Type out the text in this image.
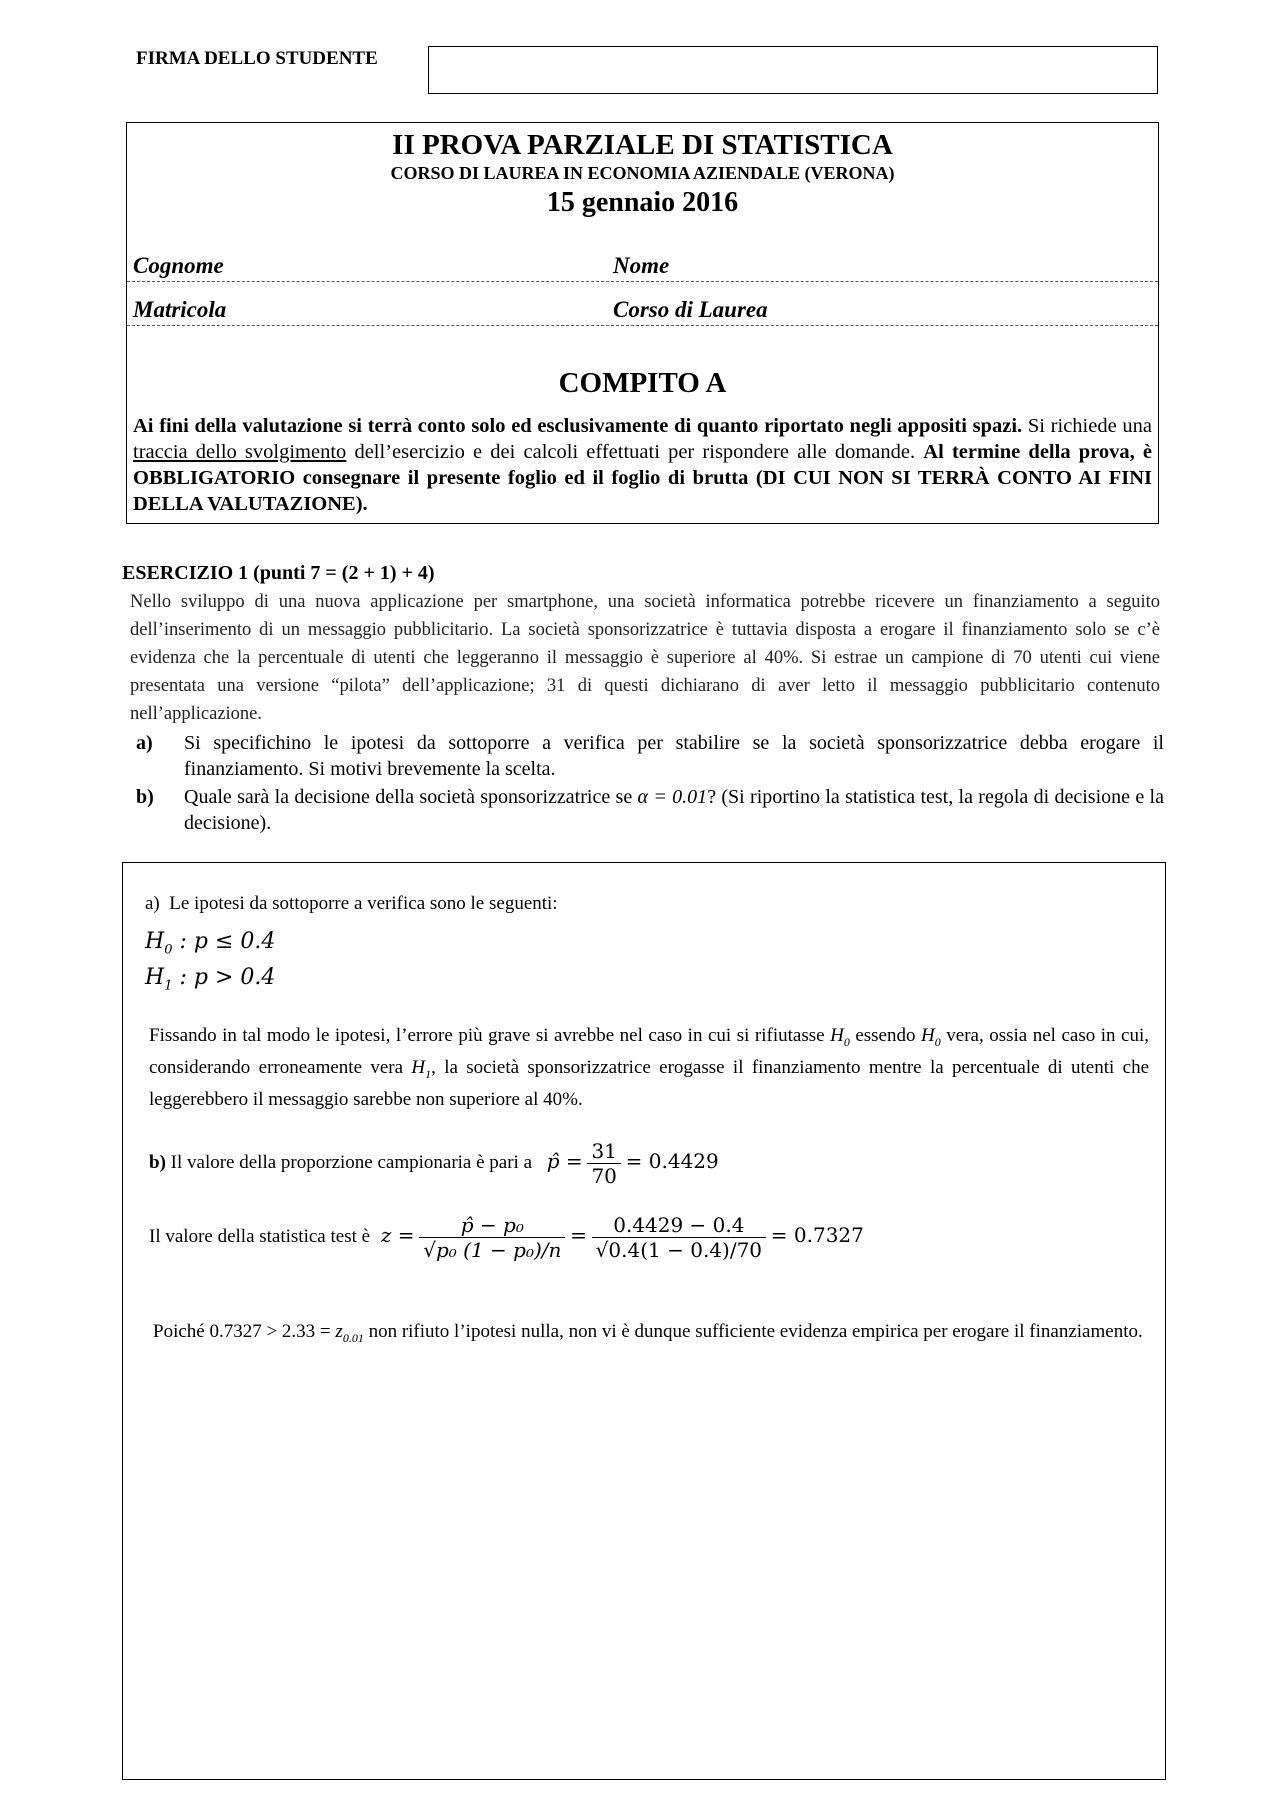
FIRMA DELLO STUDENTE
II PROVA PARZIALE DI STATISTICA
CORSO DI LAUREA IN ECONOMIA AZIENDALE (VERONA)
15 gennaio 2016
Cognome	Nome
Matricola	Corso di Laurea
COMPITO A
Ai fini della valutazione si terrà conto solo ed esclusivamente di quanto riportato negli appositi spazi. Si richiede una traccia dello svolgimento dell’esercizio e dei calcoli effettuati per rispondere alle domande. Al termine della prova, è OBBLIGATORIO consegnare il presente foglio ed il foglio di brutta (DI CUI NON SI TERRÀ CONTO AI FINI DELLA VALUTAZIONE).
ESERCIZIO 1 (punti 7 = (2 + 1) + 4)
Nello sviluppo di una nuova applicazione per smartphone, una società informatica potrebbe ricevere un finanziamento a seguito dell’inserimento di un messaggio pubblicitario. La società sponsorizzatrice è tuttavia disposta a erogare il finanziamento solo se c’è evidenza che la percentuale di utenti che leggeranno il messaggio è superiore al 40%. Si estrae un campione di 70 utenti cui viene presentata una versione “pilota” dell’applicazione; 31 di questi dichiarano di aver letto il messaggio pubblicitario contenuto nell’applicazione.
a) Si specifichino le ipotesi da sottoporre a verifica per stabilire se la società sponsorizzatrice debba erogare il finanziamento. Si motivi brevemente la scelta.
b) Quale sarà la decisione della società sponsorizzatrice se α = 0.01? (Si riportino la statistica test, la regola di decisione e la decisione).
a) Le ipotesi da sottoporre a verifica sono le seguenti:
$H_0$ : p ≤ 0.4
$H_1$ : p > 0.4
Fissando in tal modo le ipotesi, l’errore più grave si avrebbe nel caso in cui si rifiutasse $H_0$ essendo $H_0$ vera, ossia nel caso in cui, considerando erroneamente vera $H_1$, la società sponsorizzatrice erogasse il finanziamento mentre la percentuale di utenti che leggerebbero il messaggio sarebbe non superiore al 40%.
b) Il valore della proporzione campionaria è pari a p̂ = $\frac{31}{70} = 0.4429$
Il valore della statistica test è $z = \frac{\text{p̂ − p₀}}{\text{√p₀ (1 − p₀)/n}} = \frac{0.4429 - 0.4}{√0.4(1 - 0.4)/70} = 0.7327$
Poiché $0.7327 > 2.33 = z_{0.01}$ non rifiuto l’ipotesi nulla, non vi è dunque sufficiente evidenza empirica per erogare il finanziamento.
